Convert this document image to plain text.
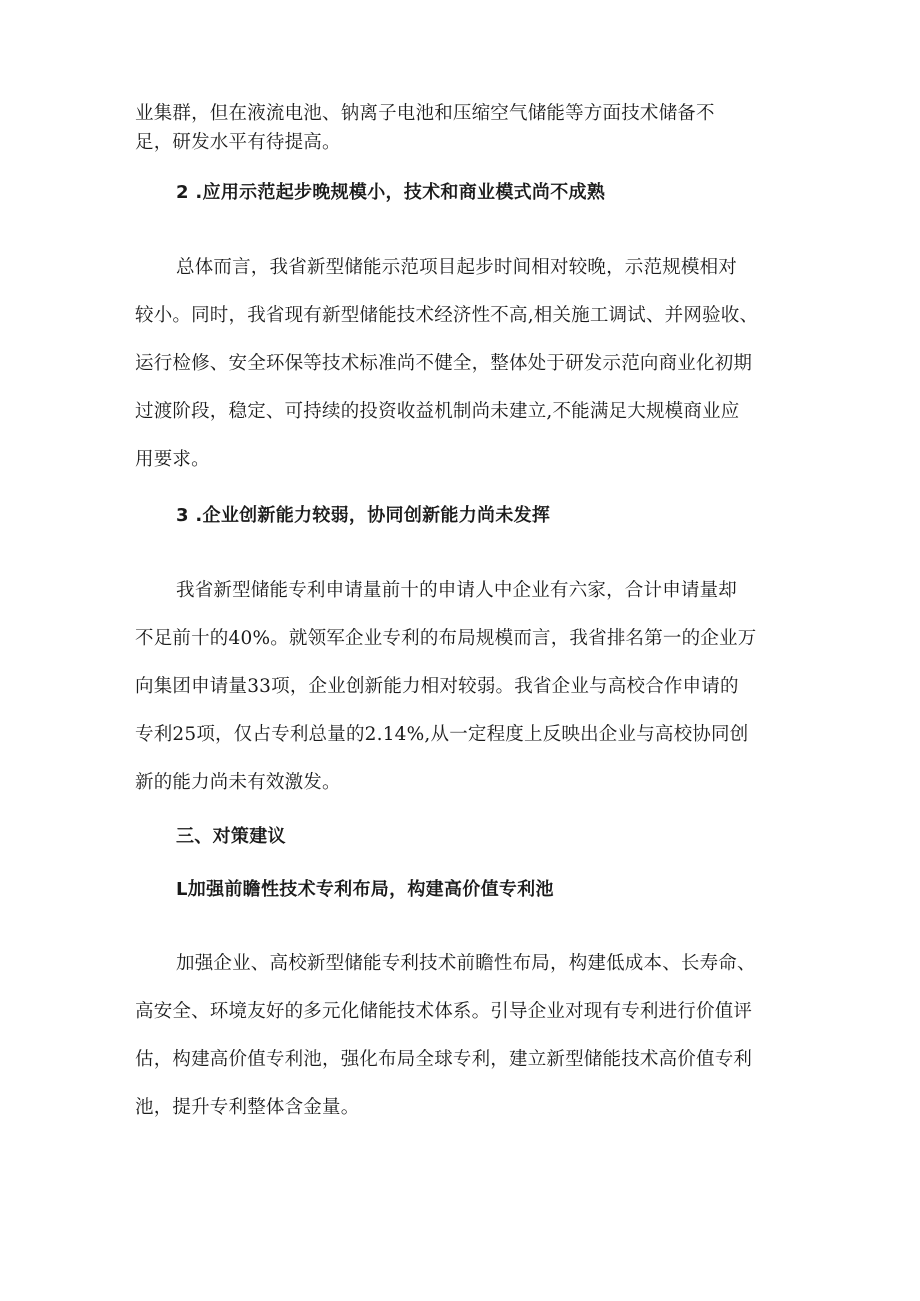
业集群，但在液流电池、钠离子电池和压缩空气储能等方面技术储备不
足，研发水平有待提高。
2 .应用示范起步晚规模小，技术和商业模式尚不成熟
总体而言，我省新型储能示范项目起步时间相对较晚，示范规模相对
较小。同时，我省现有新型储能技术经济性不高,相关施工调试、并网验收、
运行检修、安全环保等技术标准尚不健全，整体处于研发示范向商业化初期
过渡阶段，稳定、可持续的投资收益机制尚未建立,不能满足大规模商业应
用要求。
3 .企业创新能力较弱，协同创新能力尚未发挥
我省新型储能专利申请量前十的申请人中企业有六家，合计申请量却
不足前十的40%。就领军企业专利的布局规模而言，我省排名第一的企业万
向集团申请量33项，企业创新能力相对较弱。我省企业与高校合作申请的
专利25项，仅占专利总量的2.14%,从一定程度上反映出企业与高校协同创
新的能力尚未有效激发。
三、对策建议
L加强前瞻性技术专利布局，构建高价值专利池
加强企业、高校新型储能专利技术前瞻性布局，构建低成本、长寿命、
高安全、环境友好的多元化储能技术体系。引导企业对现有专利进行价值评
估，构建高价值专利池，强化布局全球专利，建立新型储能技术高价值专利
池，提升专利整体含金量。
